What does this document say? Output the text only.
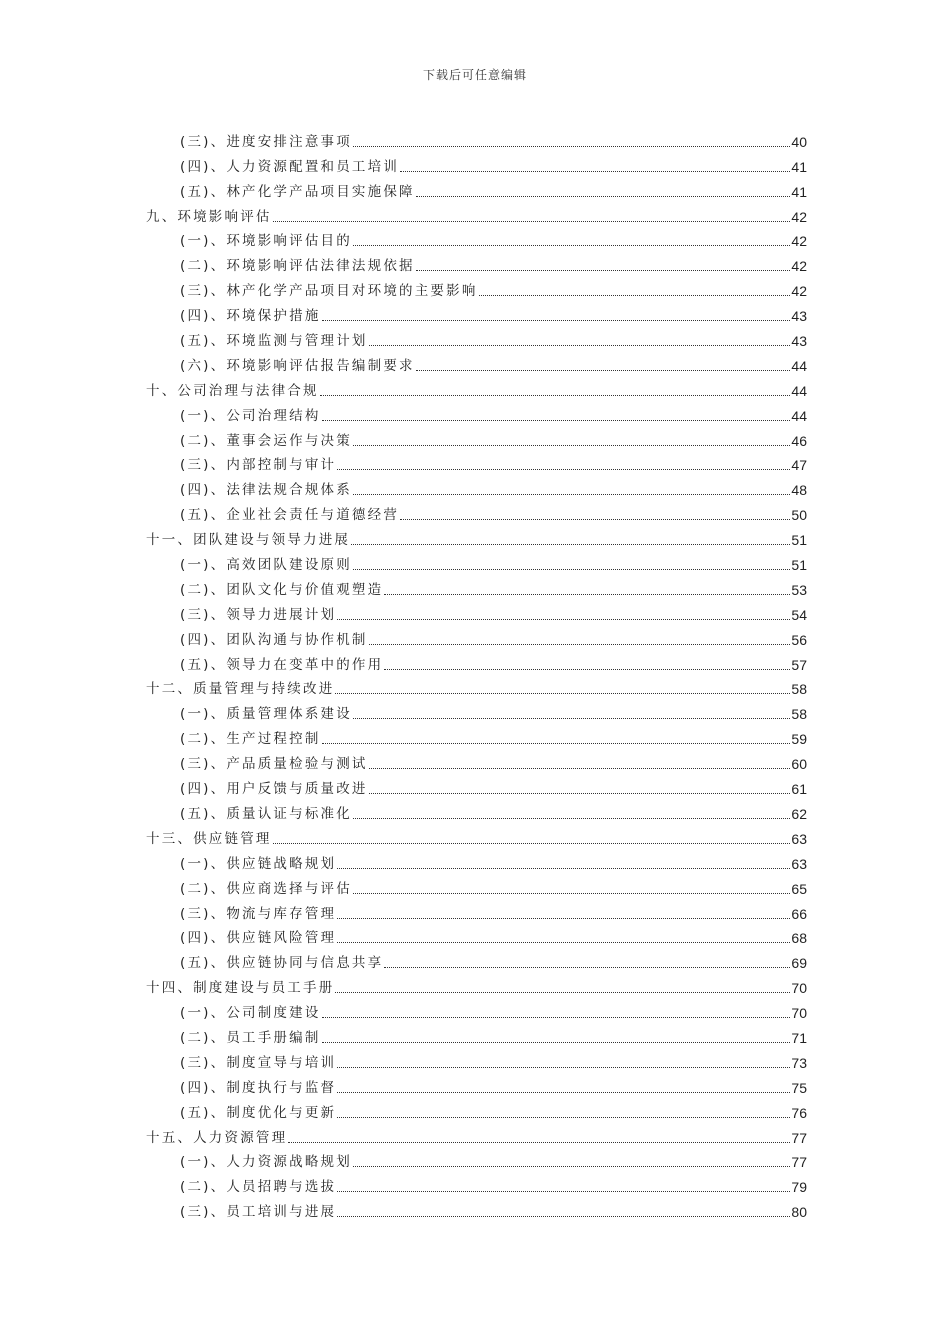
下载后可任意编辑
(三)、进度安排注意事项	40
(四)、人力资源配置和员工培训	41
(五)、林产化学产品项目实施保障	41
九、环境影响评估	42
(一)、环境影响评估目的	42
(二)、环境影响评估法律法规依据	42
(三)、林产化学产品项目对环境的主要影响	42
(四)、环境保护措施	43
(五)、环境监测与管理计划	43
(六)、环境影响评估报告编制要求	44
十、公司治理与法律合规	44
(一)、公司治理结构	44
(二)、董事会运作与决策	46
(三)、内部控制与审计	47
(四)、法律法规合规体系	48
(五)、企业社会责任与道德经营	50
十一、团队建设与领导力进展	51
(一)、高效团队建设原则	51
(二)、团队文化与价值观塑造	53
(三)、领导力进展计划	54
(四)、团队沟通与协作机制	56
(五)、领导力在变革中的作用	57
十二、质量管理与持续改进	58
(一)、质量管理体系建设	58
(二)、生产过程控制	59
(三)、产品质量检验与测试	60
(四)、用户反馈与质量改进	61
(五)、质量认证与标准化	62
十三、供应链管理	63
(一)、供应链战略规划	63
(二)、供应商选择与评估	65
(三)、物流与库存管理	66
(四)、供应链风险管理	68
(五)、供应链协同与信息共享	69
十四、制度建设与员工手册	70
(一)、公司制度建设	70
(二)、员工手册编制	71
(三)、制度宣导与培训	73
(四)、制度执行与监督	75
(五)、制度优化与更新	76
十五、人力资源管理	77
(一)、人力资源战略规划	77
(二)、人员招聘与选拔	79
(三)、员工培训与进展	80
